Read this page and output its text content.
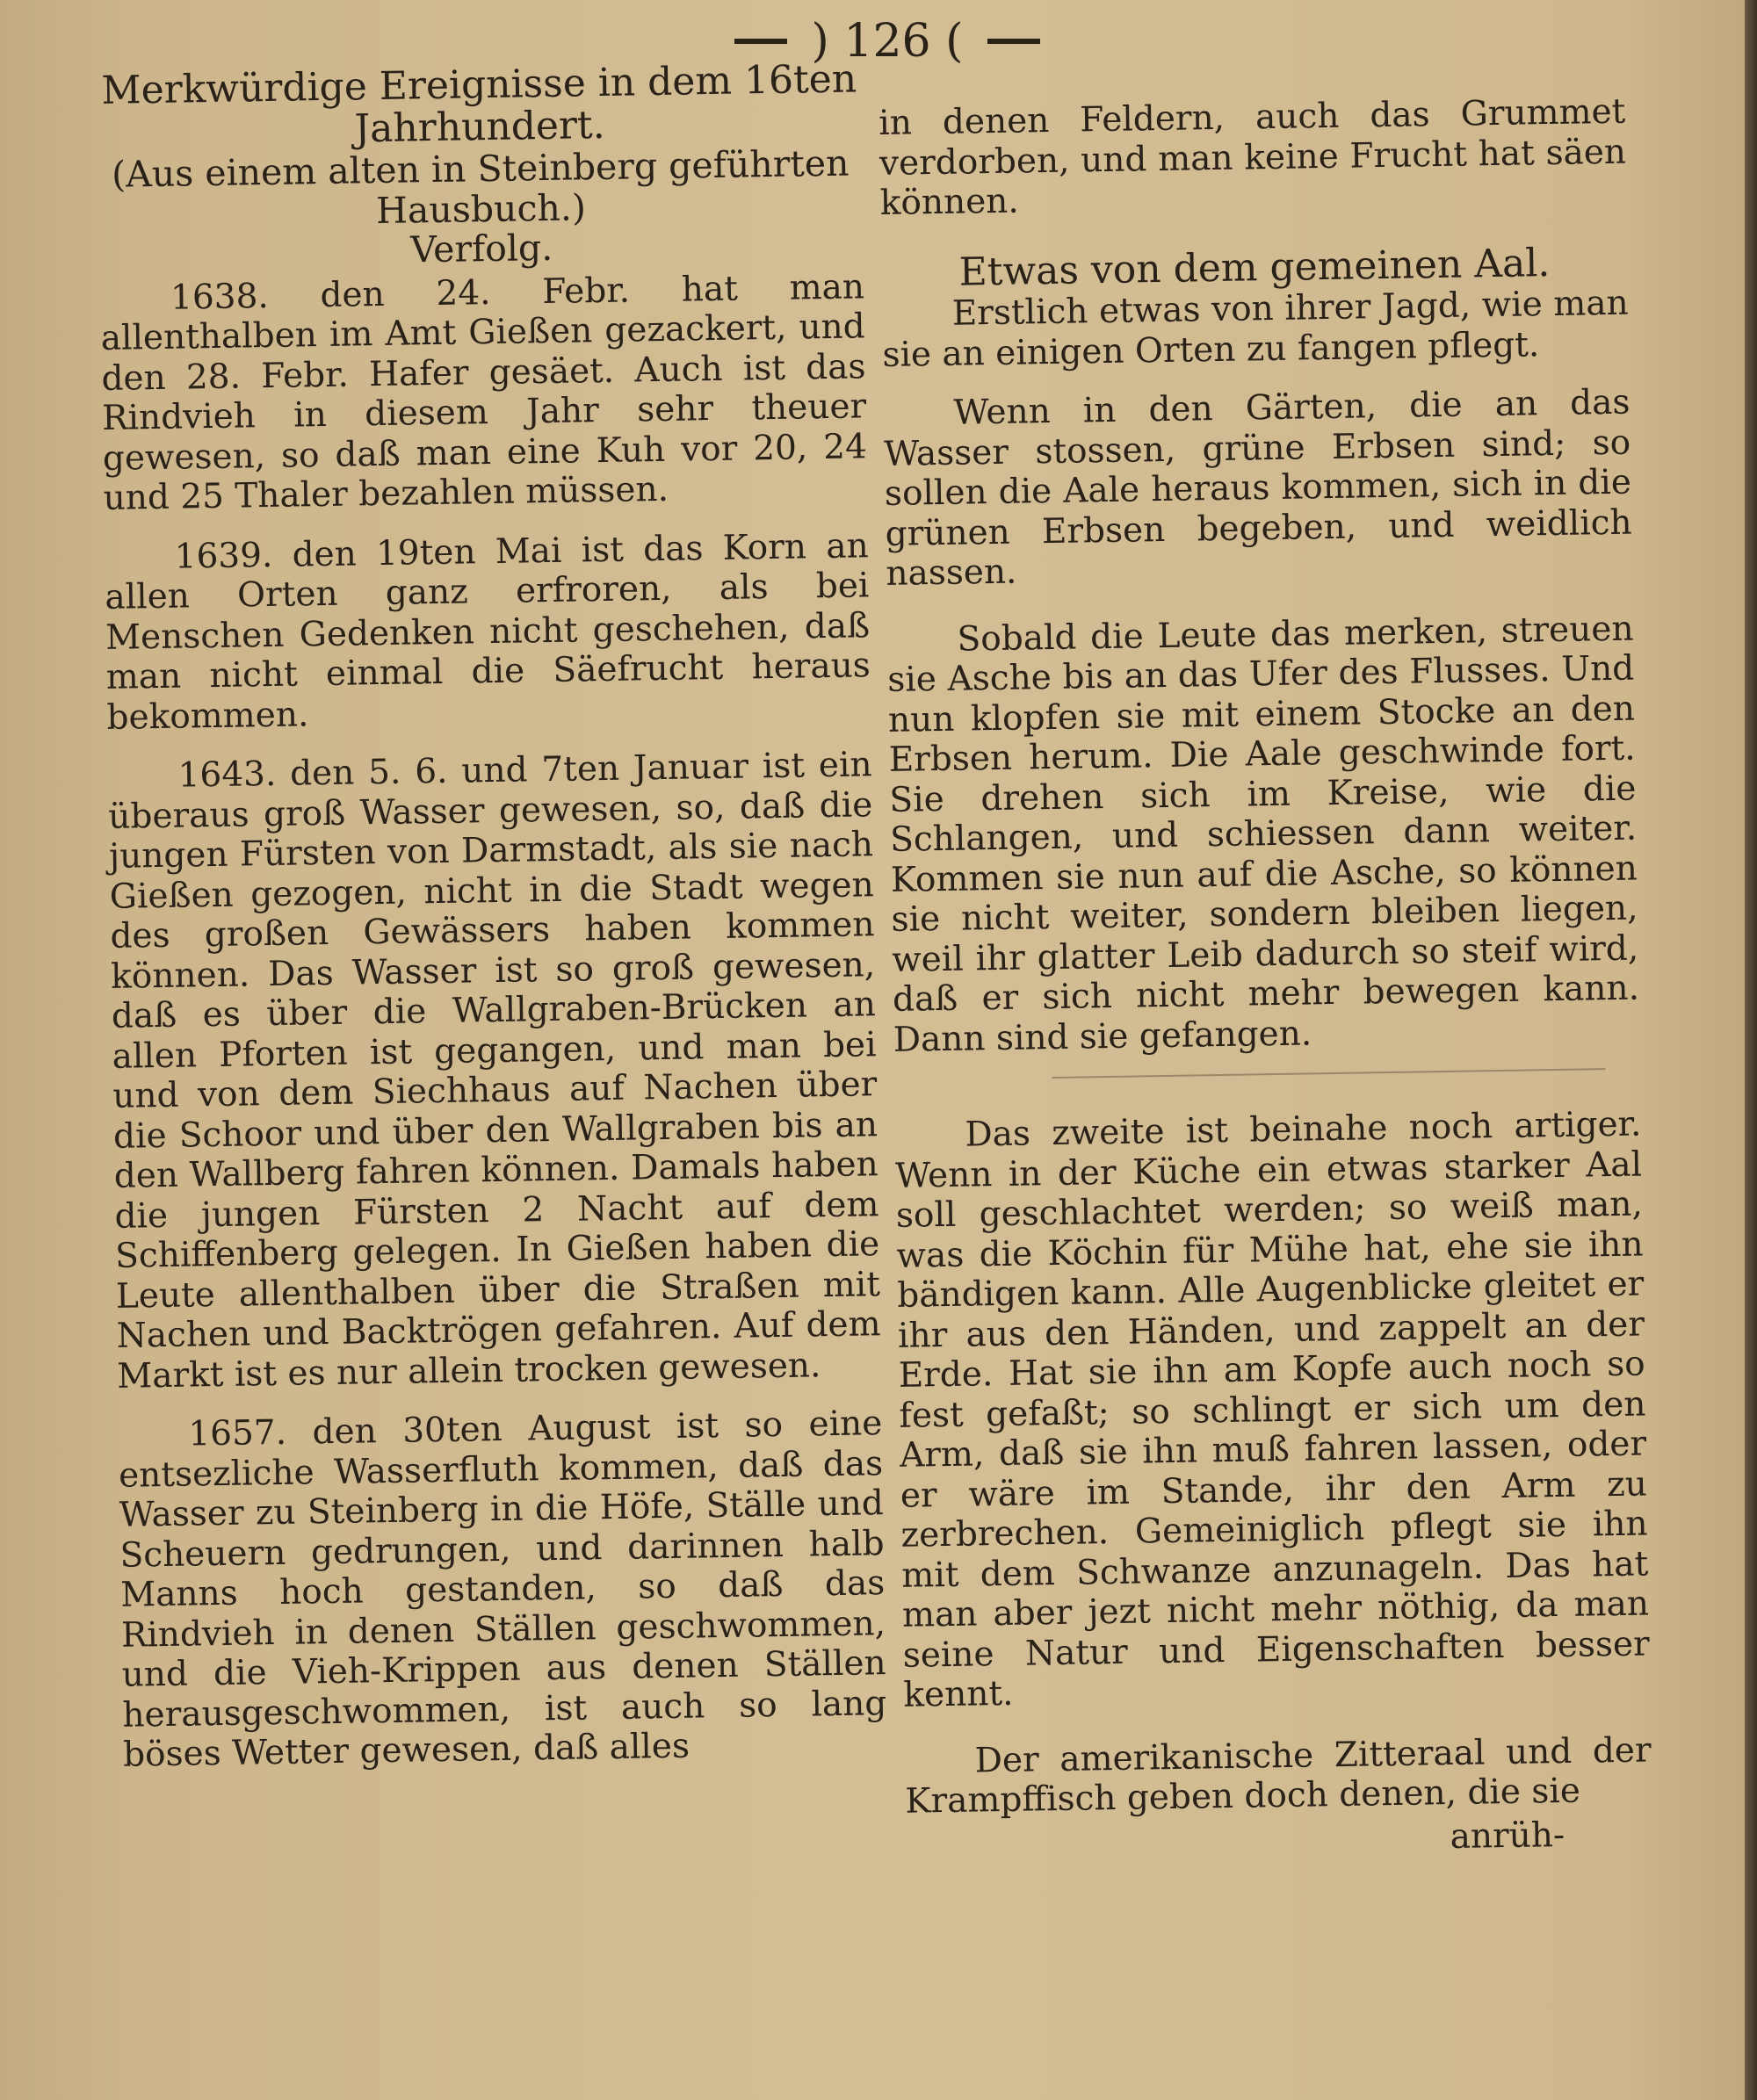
) 126 (
Merkwürdige Ereignisse in dem 16ten Jahrhundert.
(Aus einem alten in Steinberg geführten Hausbuch.)
Verfolg.

1638. den 24. Febr. hat man allenthalben im Amt Gießen gezackert, und den 28. Febr. Hafer gesäet. Auch ist das Rindvieh in diesem Jahr sehr theuer gewesen, so daß man eine Kuh vor 20, 24 und 25 Thaler bezahlen müssen.

1639. den 19ten Mai ist das Korn an allen Orten ganz erfroren, als bei Menschen Gedenken nicht geschehen, daß man nicht einmal die Säefrucht heraus bekommen.

1643. den 5. 6. und 7ten Januar ist ein überaus groß Wasser gewesen, so, daß die jungen Fürsten von Darmstadt, als sie nach Gießen gezogen, nicht in die Stadt wegen des großen Gewässers haben kommen können. Das Wasser ist so groß gewesen, daß es über die Wallgraben-Brücken an allen Pforten ist gegangen, und man bei und von dem Siechhaus auf Nachen über die Schoor und über den Wallgraben bis an den Wallberg fahren können. Damals haben die jungen Fürsten 2 Nacht auf dem Schiffenberg gelegen. In Gießen haben die Leute allenthalben über die Straßen mit Nachen und Backtrögen gefahren. Auf dem Markt ist es nur allein trocken gewesen.

1657. den 30ten August ist so eine entsezliche Wasserfluth kommen, daß das Wasser zu Steinberg in die Höfe, Ställe und Scheuern gedrungen, und darinnen halb Manns hoch gestanden, so daß das Rindvieh in denen Ställen geschwommen, und die Vieh-Krippen aus denen Ställen herausgeschwommen, ist auch so lang böses Wetter gewesen, daß alles

in denen Feldern, auch das Grummet verdorben, und man keine Frucht hat säen können.

Etwas von dem gemeinen Aal.

Erstlich etwas von ihrer Jagd, wie man sie an einigen Orten zu fangen pflegt.

Wenn in den Gärten, die an das Wasser stossen, grüne Erbsen sind; so sollen die Aale heraus kommen, sich in die grünen Erbsen begeben, und weidlich nassen.

Sobald die Leute das merken, streuen sie Asche bis an das Ufer des Flusses. Und nun klopfen sie mit einem Stocke an den Erbsen herum. Die Aale geschwinde fort. Sie drehen sich im Kreise, wie die Schlangen, und schiessen dann weiter. Kommen sie nun auf die Asche, so können sie nicht weiter, sondern bleiben liegen, weil ihr glatter Leib dadurch so steif wird, daß er sich nicht mehr bewegen kann. Dann sind sie gefangen.

Das zweite ist beinahe noch artiger. Wenn in der Küche ein etwas starker Aal soll geschlachtet werden; so weiß man, was die Köchin für Mühe hat, ehe sie ihn bändigen kann. Alle Augenblicke gleitet er ihr aus den Händen, und zappelt an der Erde. Hat sie ihn am Kopfe auch noch so fest gefaßt; so schlingt er sich um den Arm, daß sie ihn muß fahren lassen, oder er wäre im Stande, ihr den Arm zu zerbrechen. Gemeiniglich pflegt sie ihn mit dem Schwanze anzunageln. Das hat man aber jezt nicht mehr nöthig, da man seine Natur und Eigenschaften besser kennt.

Der amerikanische Zitteraal und der Krampffisch geben doch denen, die sie

anrüh-
